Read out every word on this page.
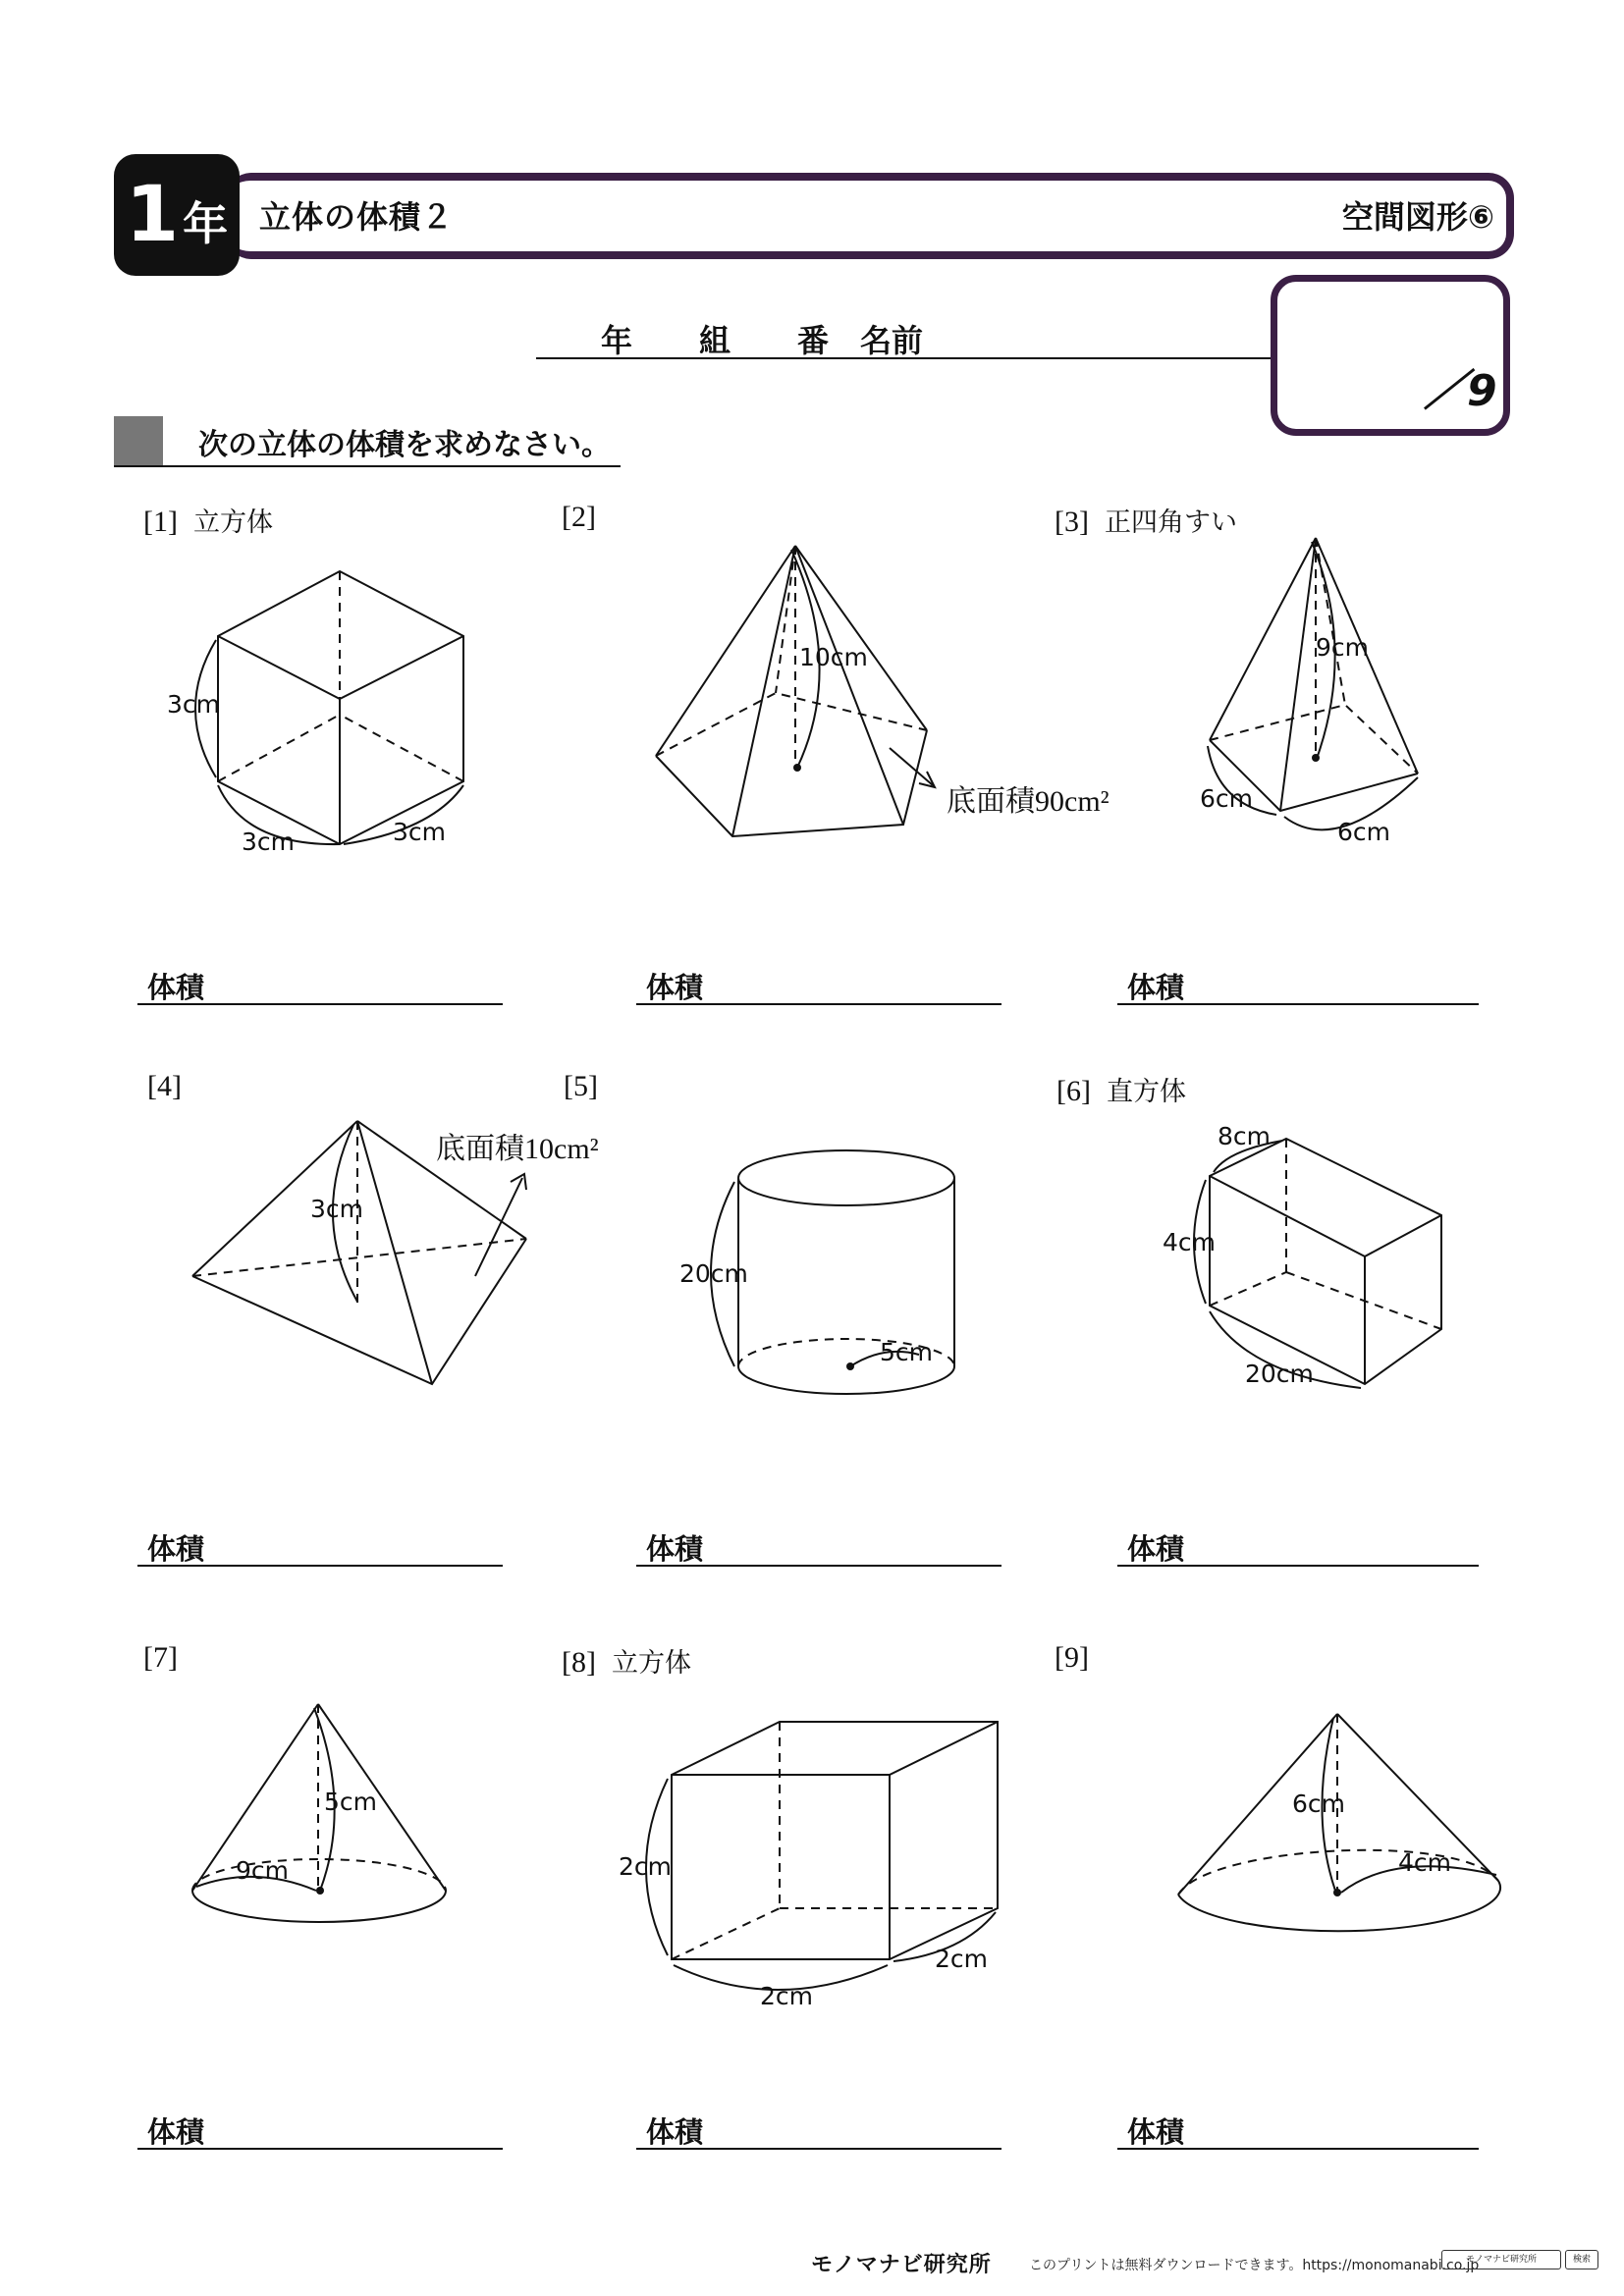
1 年 立体の体積２	空間図形⑥
年 組 番 名前
／9
次の立体の体積を求めなさい。
[1] 立方体	[2]	[3] 正四角すい
[4]	[5]	[6] 直方体
[7]	[8] 立方体	[9]
体積	体積	体積
体積	体積	体積
体積	体積	体積
3cm
3cm	3cm
10cm
底面積90cm²
9cm
6cm
6cm
3cm
底面積10cm²
20cm
5cm
8cm
4cm
20cm
5cm
9cm	2cm
2cm
2cm
6cm
4cm
モノマナビ研究所	このプリントは無料ダウンロードできます。https://monomanabi.co.jp
モノマナビ研究所	検索
